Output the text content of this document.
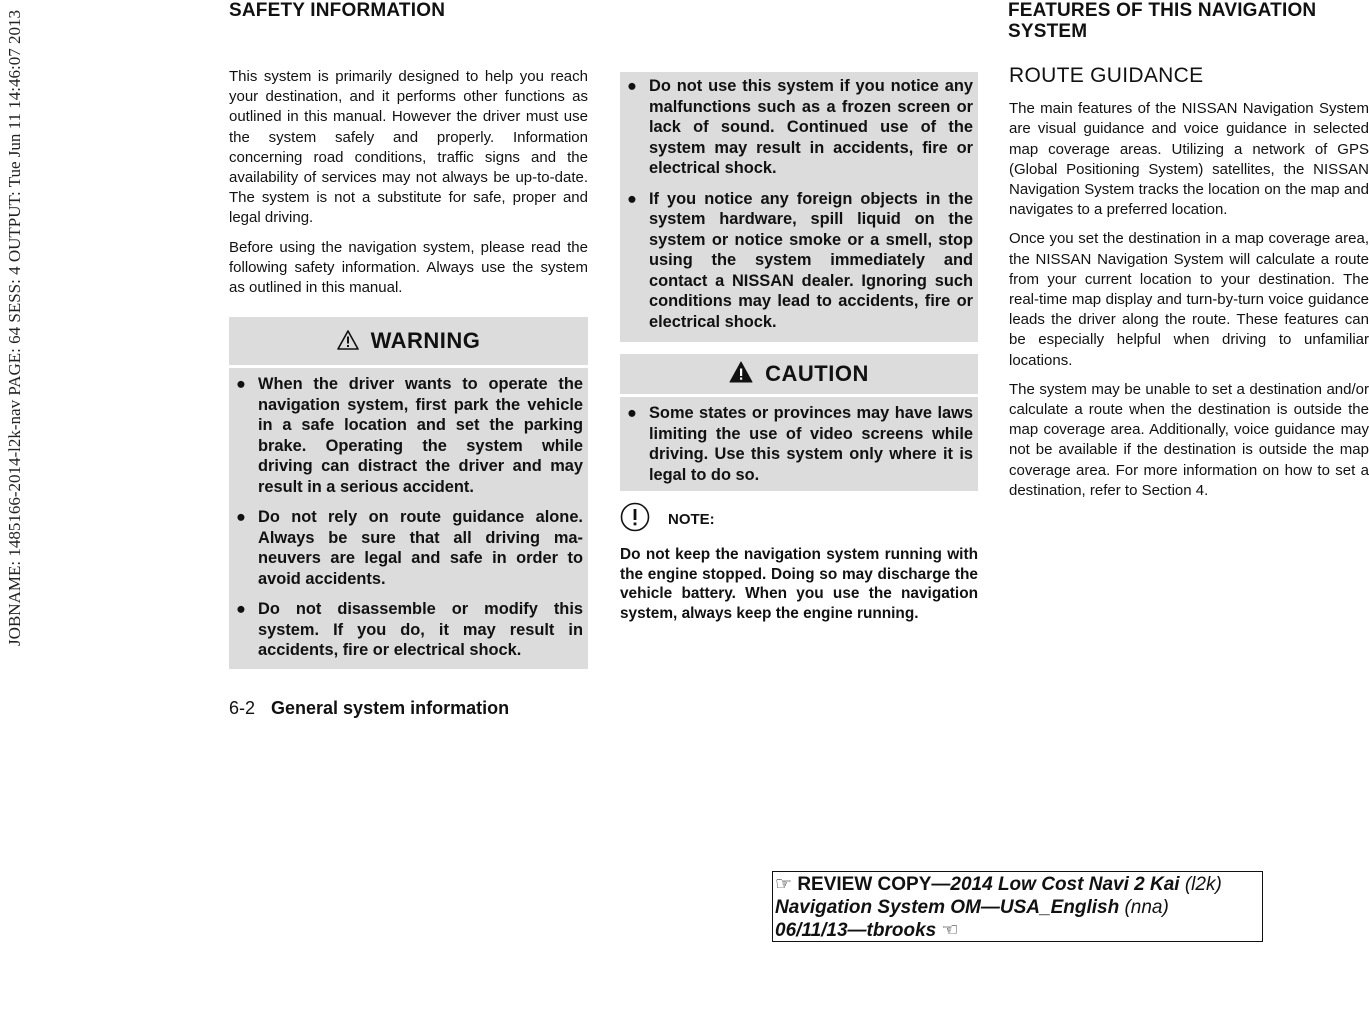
JOBNAME: 1485166-2014-l2k-nav PAGE: 64 SESS: 4 OUTPUT: Tue Jun 11 14:46:07 2013	SAFETY INFORMATION	FEATURES OF THIS NAVIGATION SYSTEM

This system is primarily designed to help you reach your destination, and it performs other functions as outlined in this manual. However the driver must use the system safely and properly. Information concerning road conditions, traffic signs and the availability of services may not always be up-to-date. The system is not a substitute for safe, proper and legal driving.

Before using the navigation system, please read the following safety information. Always use the system as outlined in this manual.

WARNING
● When the driver wants to operate the navigation system, first park the vehicle in a safe location and set the parking brake. Operating the system while driving can distract the driver and may result in a serious accident.
● Do not rely on route guidance alone. Always be sure that all driving maneuvers are legal and safe in order to avoid accidents.
● Do not disassemble or modify this system. If you do, it may result in accidents, fire or electrical shock.
● Do not use this system if you notice any malfunctions such as a frozen screen or lack of sound. Continued use of the system may result in accidents, fire or electrical shock.
● If you notice any foreign objects in the system hardware, spill liquid on the system or notice smoke or a smell, stop using the system immediately and contact a NISSAN dealer. Ignoring such conditions may lead to accidents, fire or electrical shock.
CAUTION
● Some states or provinces may have laws limiting the use of video screens while driving. Use this system only where it is legal to do so.
NOTE:
Do not keep the navigation system running with the engine stopped. Doing so may discharge the vehicle battery. When you use the navigation system, always keep the engine running.
ROUTE GUIDANCE

The main features of the NISSAN Navigation System are visual guidance and voice guidance in selected map coverage areas. Utilizing a network of GPS (Global Positioning System) satellites, the NISSAN Navigation System tracks the location on the map and navigates to a preferred location.

Once you set the destination in a map coverage area, the NISSAN Navigation System will calculate a route from your current location to your destination. The real-time map display and turn-by-turn voice guidance leads the driver along the route. These features can be especially helpful when driving to unfamiliar locations.

The system may be unable to set a destination and/or calculate a route when the destination is outside the map coverage area. Additionally, voice guidance may not be available if the destination is outside the map coverage area. For more information on how to set a destination, refer to Section 4.

6-2 General system information
☞ REVIEW COPY—2014 Low Cost Navi 2 Kai (l2k)
Navigation System OM—USA_English (nna)
06/11/13—tbrooks ☜
